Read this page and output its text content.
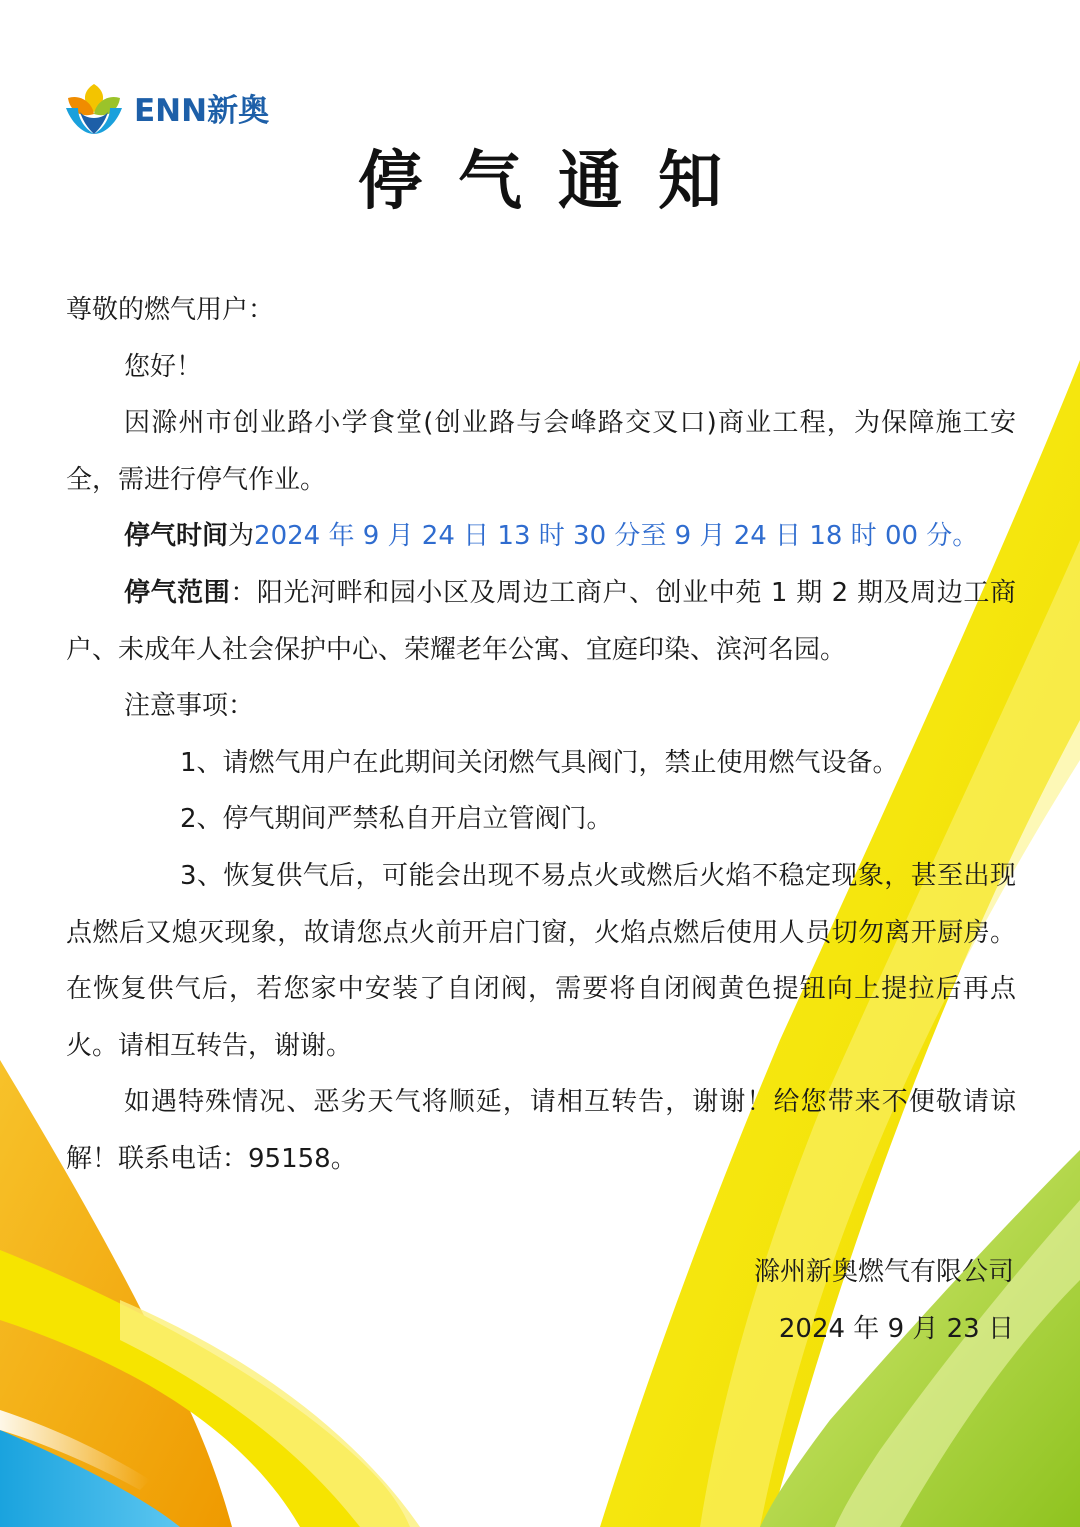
ENN新奥
停气通知

尊敬的燃气用户：

您好！

因滁州市创业路小学食堂(创业路与会峰路交叉口)商业工程，为保障施工安全，需进行停气作业。

停气时间为2024 年 9 月 24 日 13 时 30 分至 9 月 24 日 18 时 00 分。

停气范围：阳光河畔和园小区及周边工商户、创业中苑 1 期 2 期及周边工商户、未成年人社会保护中心、荣耀老年公寓、宜庭印染、滨河名园。

注意事项：

1、请燃气用户在此期间关闭燃气具阀门，禁止使用燃气设备。

2、停气期间严禁私自开启立管阀门。

3、恢复供气后，可能会出现不易点火或燃后火焰不稳定现象，甚至出现点燃后又熄灭现象，故请您点火前开启门窗，火焰点燃后使用人员切勿离开厨房。在恢复供气后，若您家中安装了自闭阀，需要将自闭阀黄色提钮向上提拉后再点火。请相互转告，谢谢。

如遇特殊情况、恶劣天气将顺延，请相互转告，谢谢！给您带来不便敬请谅解！联系电话：95158。

滁州新奥燃气有限公司
2024 年 9 月 23 日
